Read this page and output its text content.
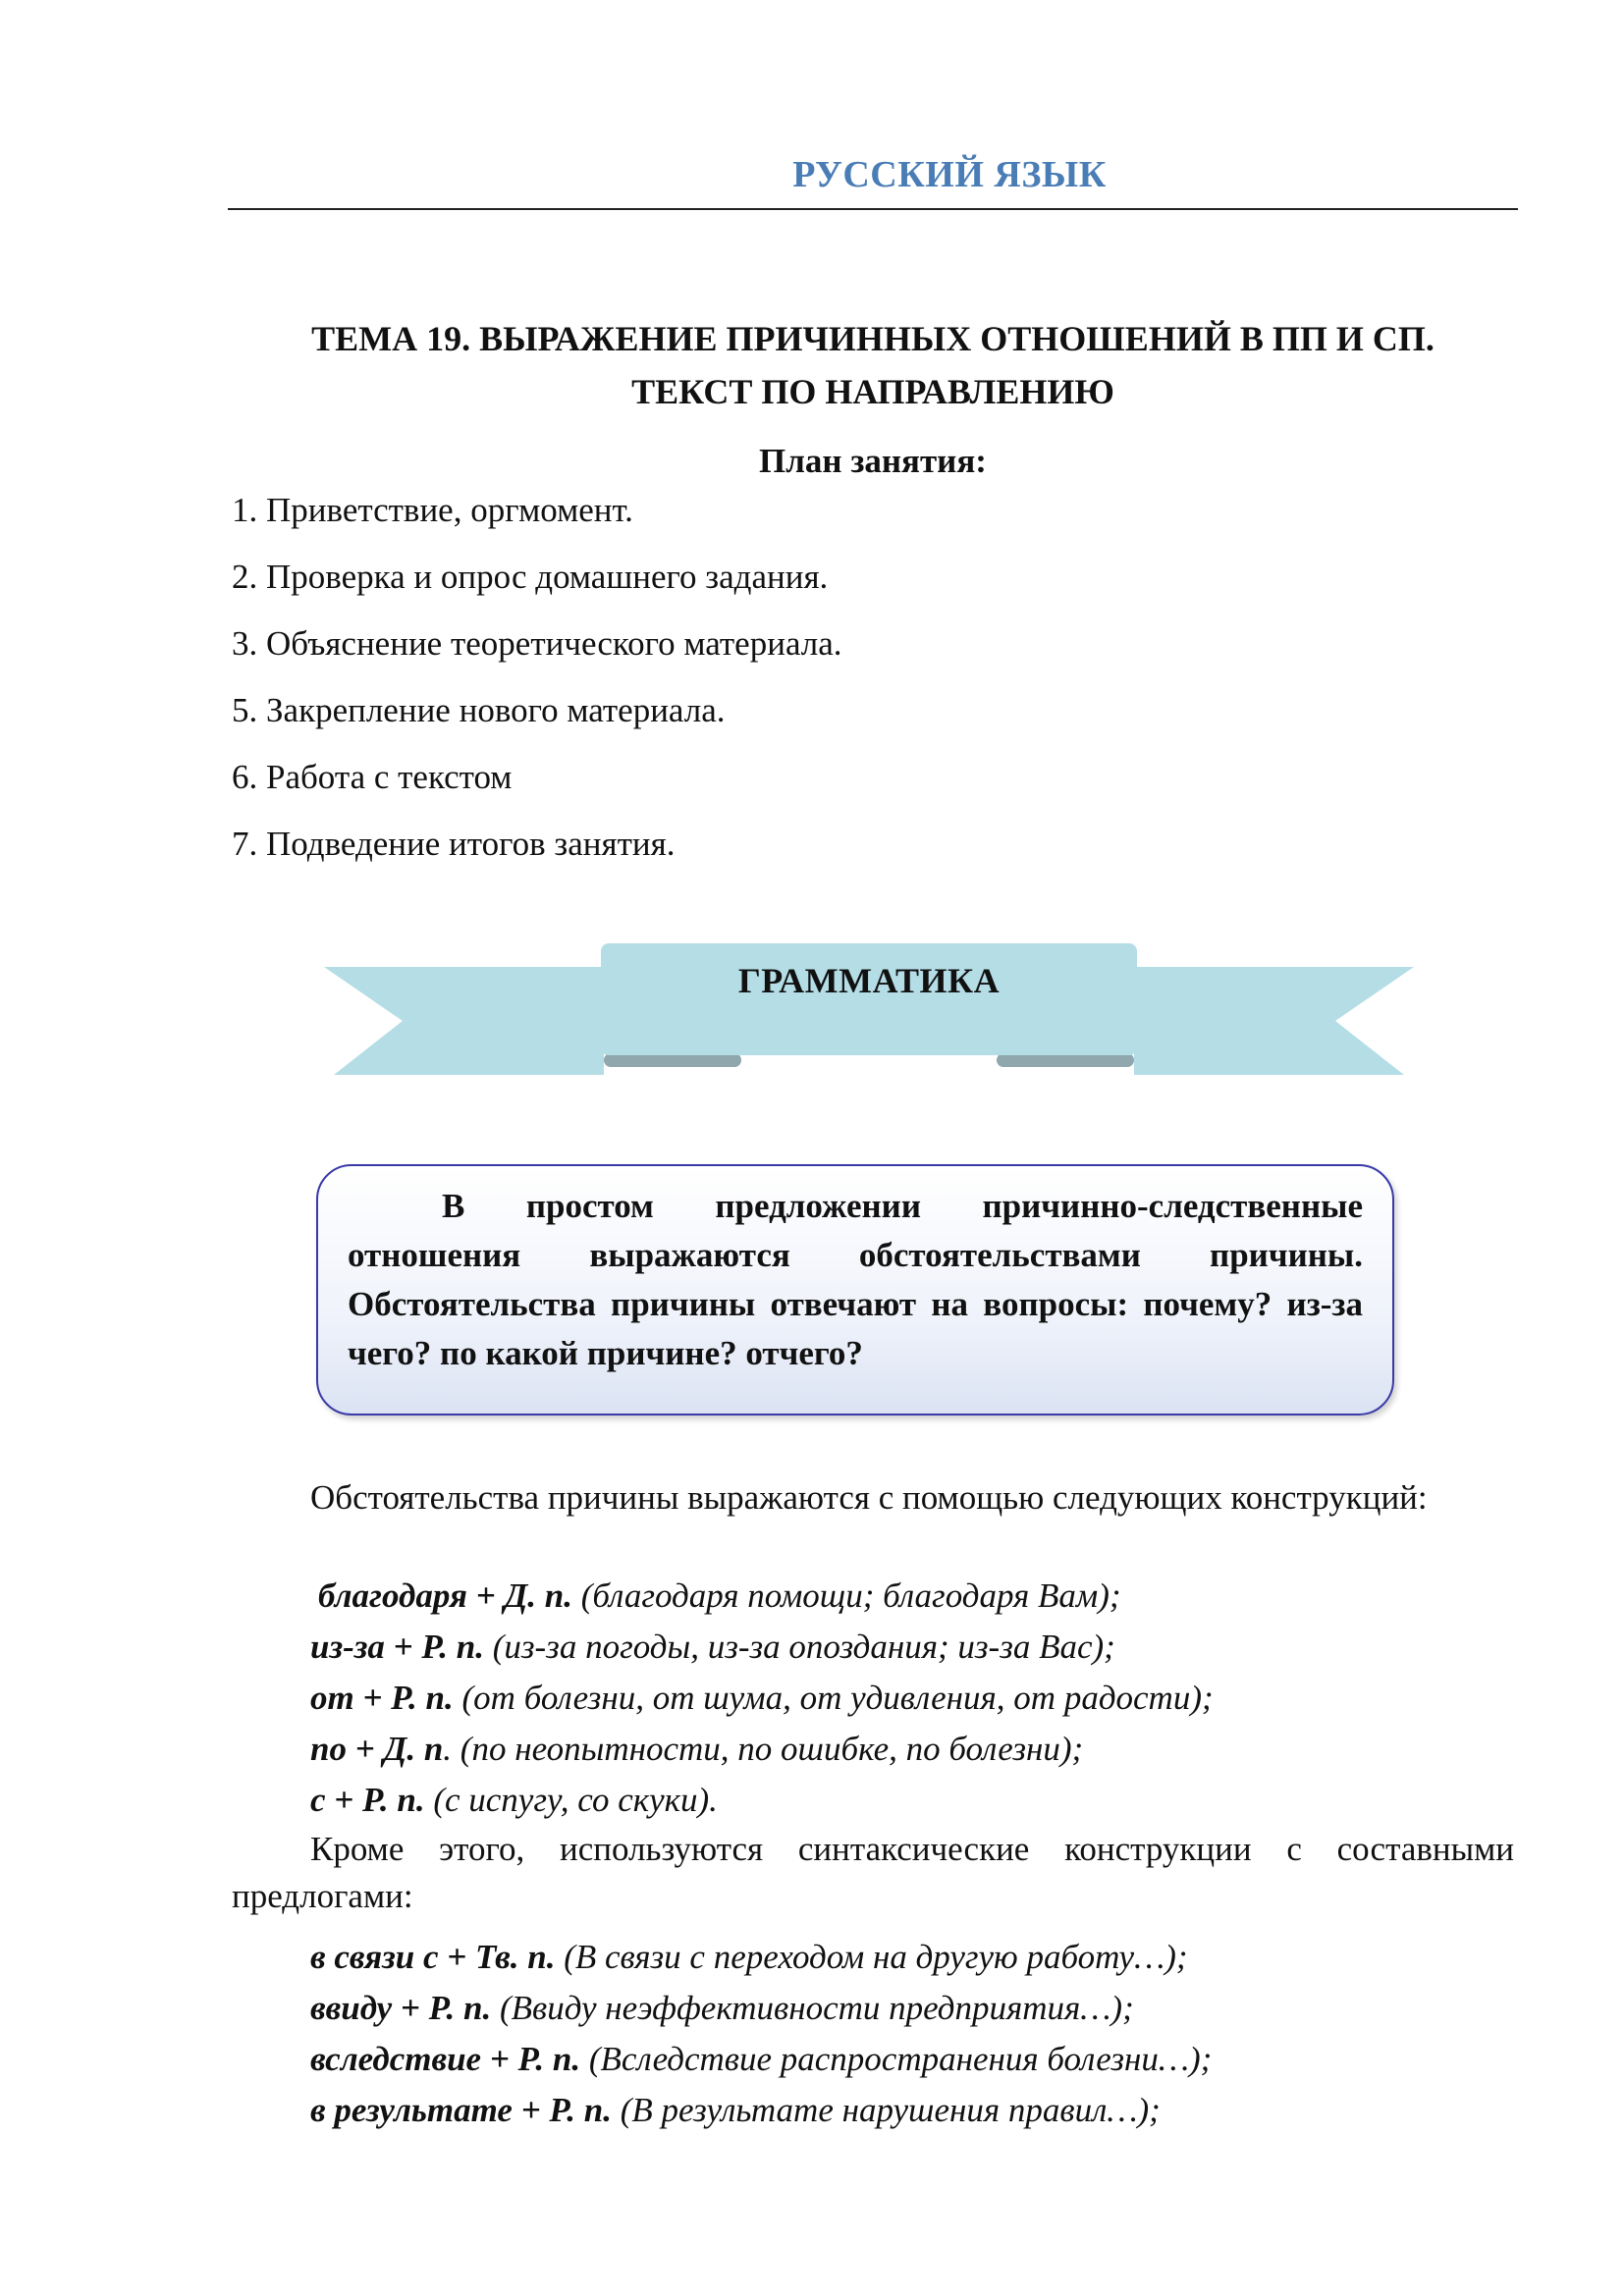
РУССКИЙ ЯЗЫК
ТЕМА 19. ВЫРАЖЕНИЕ ПРИЧИННЫХ ОТНОШЕНИЙ В ПП И СП.
ТЕКСТ ПО НАПРАВЛЕНИЮ
План занятия:
1. Приветствие, оргмомент.
2. Проверка и опрос домашнего задания.
3. Объяснение теоретического материала.
5. Закрепление нового материала.
6. Работа с текстом
7. Подведение итогов занятия.
ГРАММАТИКА

В простом предложении причинно-следственные отношения выражаются обстоятельствами причины. Обстоятельства причины отвечают на вопросы: почему? из-за чего? по какой причине? отчего?

Обстоятельства причины выражаются с помощью следующих конструкций:

благодаря + Д. п. (благодаря помощи; благодаря Вам);
из-за + Р. п. (из-за погоды, из-за опоздания; из-за Вас);
от + Р. п. (от болезни, от шума, от удивления, от радости);
по + Д. п. (по неопытности, по ошибке, по болезни);
с + Р. п. (с испугу, со скуки).

Кроме этого, используются синтаксические конструкции с составными предлогами:

в связи с + Тв. п. (В связи с переходом на другую работу…);
ввиду + Р. п. (Ввиду неэффективности предприятия…);
вследствие + Р. п. (Вследствие распространения болезни…);
в результате + Р. п. (В результате нарушения правил…);
